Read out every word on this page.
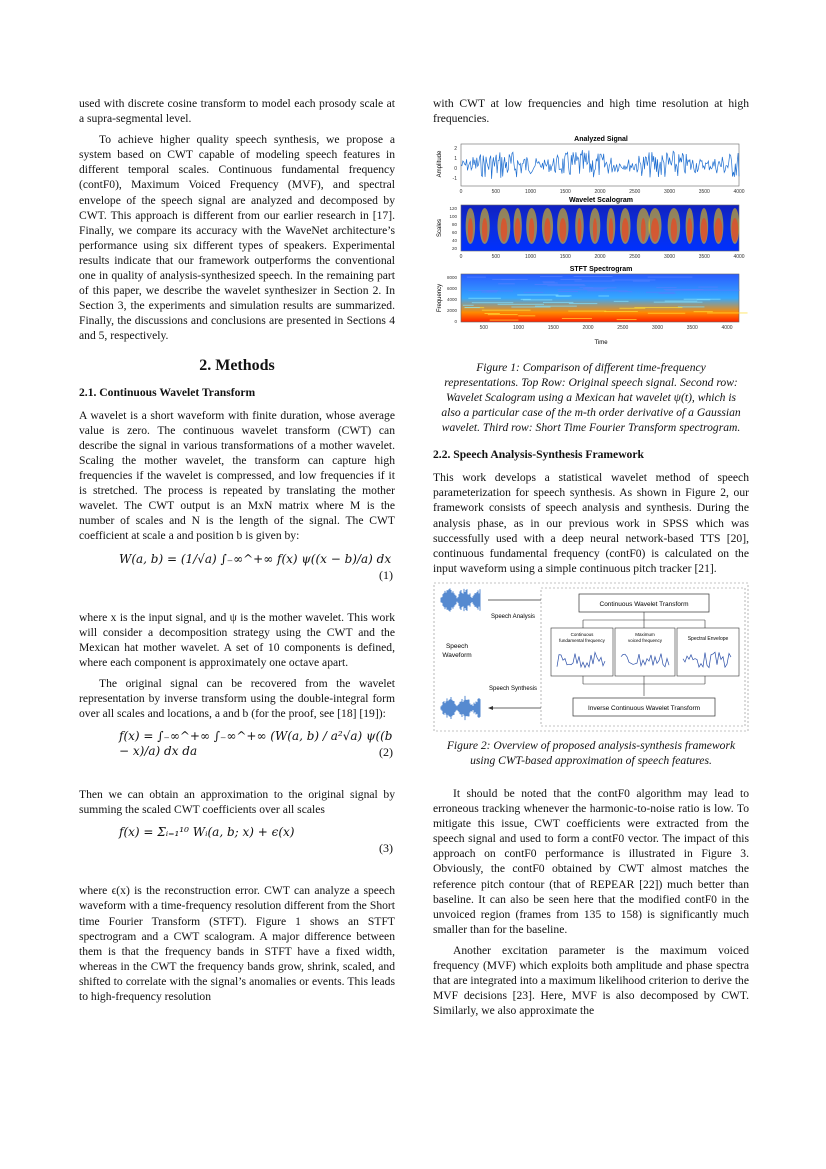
used with discrete cosine transform to model each prosody scale at a supra-segmental level.

To achieve higher quality speech synthesis, we propose a system based on CWT capable of modeling speech features in different temporal scales. Continuous fundamental frequency (contF0), Maximum Voiced Frequency (MVF), and spectral envelope of the speech signal are analyzed and decomposed by CWT. This approach is different from our earlier research in [17]. Finally, we compare its accuracy with the WaveNet architecture’s performance using six different types of speakers. Experimental results indicate that our framework outperforms the conventional one in quality of analysis-synthesized speech. In the remaining part of this paper, we describe the wavelet synthesizer in Section 2. In Section 3, the experiments and simulation results are summarized. Finally, the discussions and conclusions are presented in Sections 4 and 5, respectively.

2. Methods
2.1. Continuous Wavelet Transform

A wavelet is a short waveform with finite duration, whose average value is zero. The continuous wavelet transform (CWT) can describe the signal in various transformations of a mother wavelet. Scaling the mother wavelet, the transform can capture high frequencies if the wavelet is compressed, and low frequencies if it is stretched. The process is repeated by translating the mother wavelet. The CWT output is an MxN matrix where M is the number of scales and N is the length of the signal. The CWT coefficient at scale a and position b is given by:

W(a, b) = (1/√a) ∫₋∞^+∞ f(x) ψ((x − b)/a) dx
(1)

where x is the input signal, and ψ is the mother wavelet. This work will consider a decomposition strategy using the CWT and the Mexican hat mother wavelet. A set of 10 components is defined, where each component is approximately one octave apart.

The original signal can be recovered from the wavelet representation by inverse transform using the double-integral form over all scales and locations, a and b (for the proof, see [18] [19]):

f(x) = ∫₋∞^+∞ ∫₋∞^+∞ (W(a, b) / a²√a) ψ((b − x)/a) dx da	(2)

Then we can obtain an approximation to the original signal by summing the scaled CWT coefficients over all scales

f(x) = Σᵢ₌₁¹⁰ Wᵢ(a, b; x) + ϵ(x)
(3)

where ϵ(x) is the reconstruction error. CWT can analyze a speech waveform with a time-frequency resolution different from the Short time Fourier Transform (STFT). Figure 1 shows an STFT spectrogram and a CWT scalogram. A major difference between them is that the frequency bands in STFT have a fixed width, whereas in the CWT the frequency bands grow, shrink, scaled, and shifted to correlate with the signal’s anomalies or events. This leads to high-frequency resolution

with CWT at low frequencies and high time resolution at high frequencies.

Analyzed Signal
Amplitude
2
1
0
-1
0	500	1000	1500	2000	2500	3000	3500	4000
Wavelet Scalogram
Scales
120
100
80
60
40
20
0	500	1000	1500	2000	2500	3000	3500	4000
STFT Spectrogram
Frequency
8000
6000
4000
2000
0
500	1000	1500	2000	2500	3000	3500	4000
Time
Figure 1: Comparison of different time-frequency representations. Top Row: Original speech signal. Second row: Wavelet Scalogram using a Mexican hat wavelet ψ(t), which is also a particular case of the m-th order derivative of a Gaussian wavelet. Third row: Short Time Fourier Transform spectrogram.
2.2. Speech Analysis-Synthesis Framework

This work develops a statistical wavelet method of speech parameterization for speech synthesis. As shown in Figure 2, our framework consists of speech analysis and synthesis. During the analysis phase, as in our previous work in SPSS which was successfully used with a deep neural network-based TTS [20], continuous fundamental frequency (contF0) is calculated on the input waveform using a simple continuous pitch tracker [21].

Speech
Waveform
Speech Analysis
Speech Synthesis
Continuous Wavelet Transform
Continuous
fundamental frequency
Maximum
voiced frequency	Spectral Envelope
Inverse Continuous Wavelet Transform
Figure 2: Overview of proposed analysis-synthesis framework using CWT-based approximation of speech features.

It should be noted that the contF0 algorithm may lead to erroneous tracking whenever the harmonic-to-noise ratio is low. To mitigate this issue, CWT coefficients were extracted from the speech signal and used to form a contF0 vector. The impact of this approach on contF0 performance is illustrated in Figure 3. Obviously, the contF0 obtained by CWT almost matches the reference pitch contour (that of REPEAR [22]) much better than baseline. It can also be seen here that the modified contF0 in the unvoiced region (frames from 135 to 158) is significantly much smaller than for the baseline.

Another excitation parameter is the maximum voiced frequency (MVF) which exploits both amplitude and phase spectra that are integrated into a maximum likelihood criterion to derive the MVF decisions [23]. Here, MVF is also decomposed by CWT. Similarly, we also approximate the
